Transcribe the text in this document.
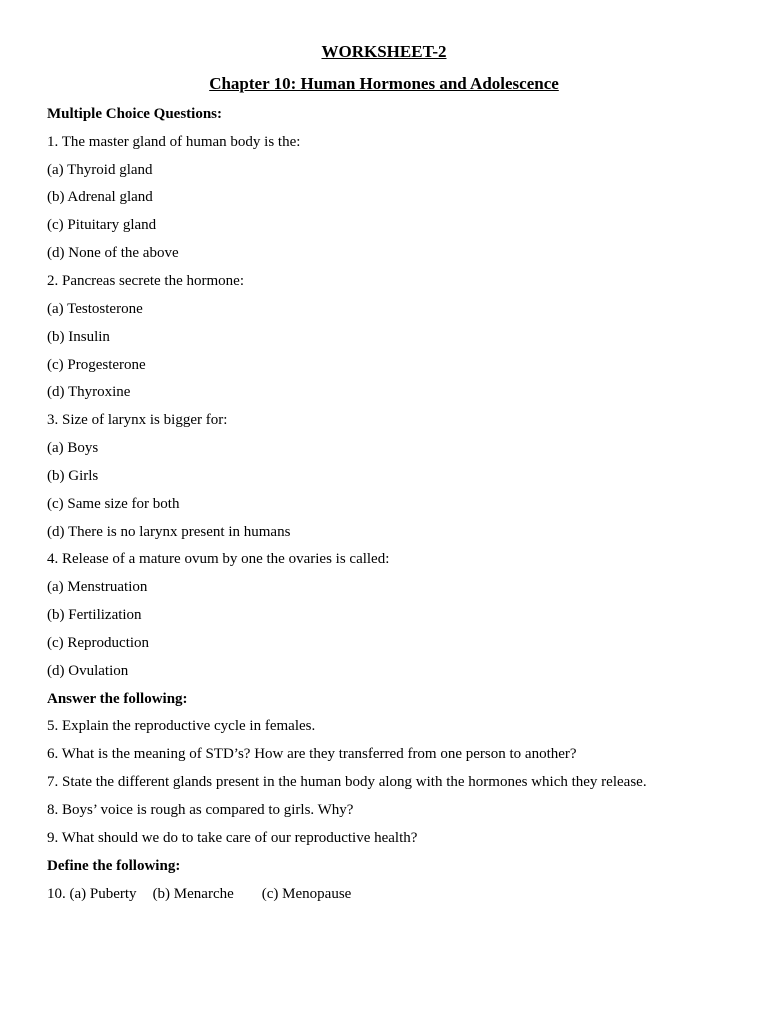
WORKSHEET-2
Chapter 10: Human Hormones and Adolescence
Multiple Choice Questions:
1. The master gland of human body is the:
(a) Thyroid gland
(b) Adrenal gland
(c) Pituitary gland
(d) None of the above
2. Pancreas secrete the hormone:
(a) Testosterone
(b) Insulin
(c) Progesterone
(d) Thyroxine
3. Size of larynx is bigger for:
(a) Boys
(b) Girls
(c) Same size for both
(d) There is no larynx present in humans
4. Release of a mature ovum by one the ovaries is called:
(a) Menstruation
(b) Fertilization
(c) Reproduction
(d) Ovulation
Answer the following:
5. Explain the reproductive cycle in females.
6. What is the meaning of STD’s? How are they transferred from one person to another?
7. State the different glands present in the human body along with the hormones which they release.
8. Boys’ voice is rough as compared to girls. Why?
9. What should we do to take care of our reproductive health?
Define the following:
10. (a) Puberty (b) Menarche (c) Menopause
